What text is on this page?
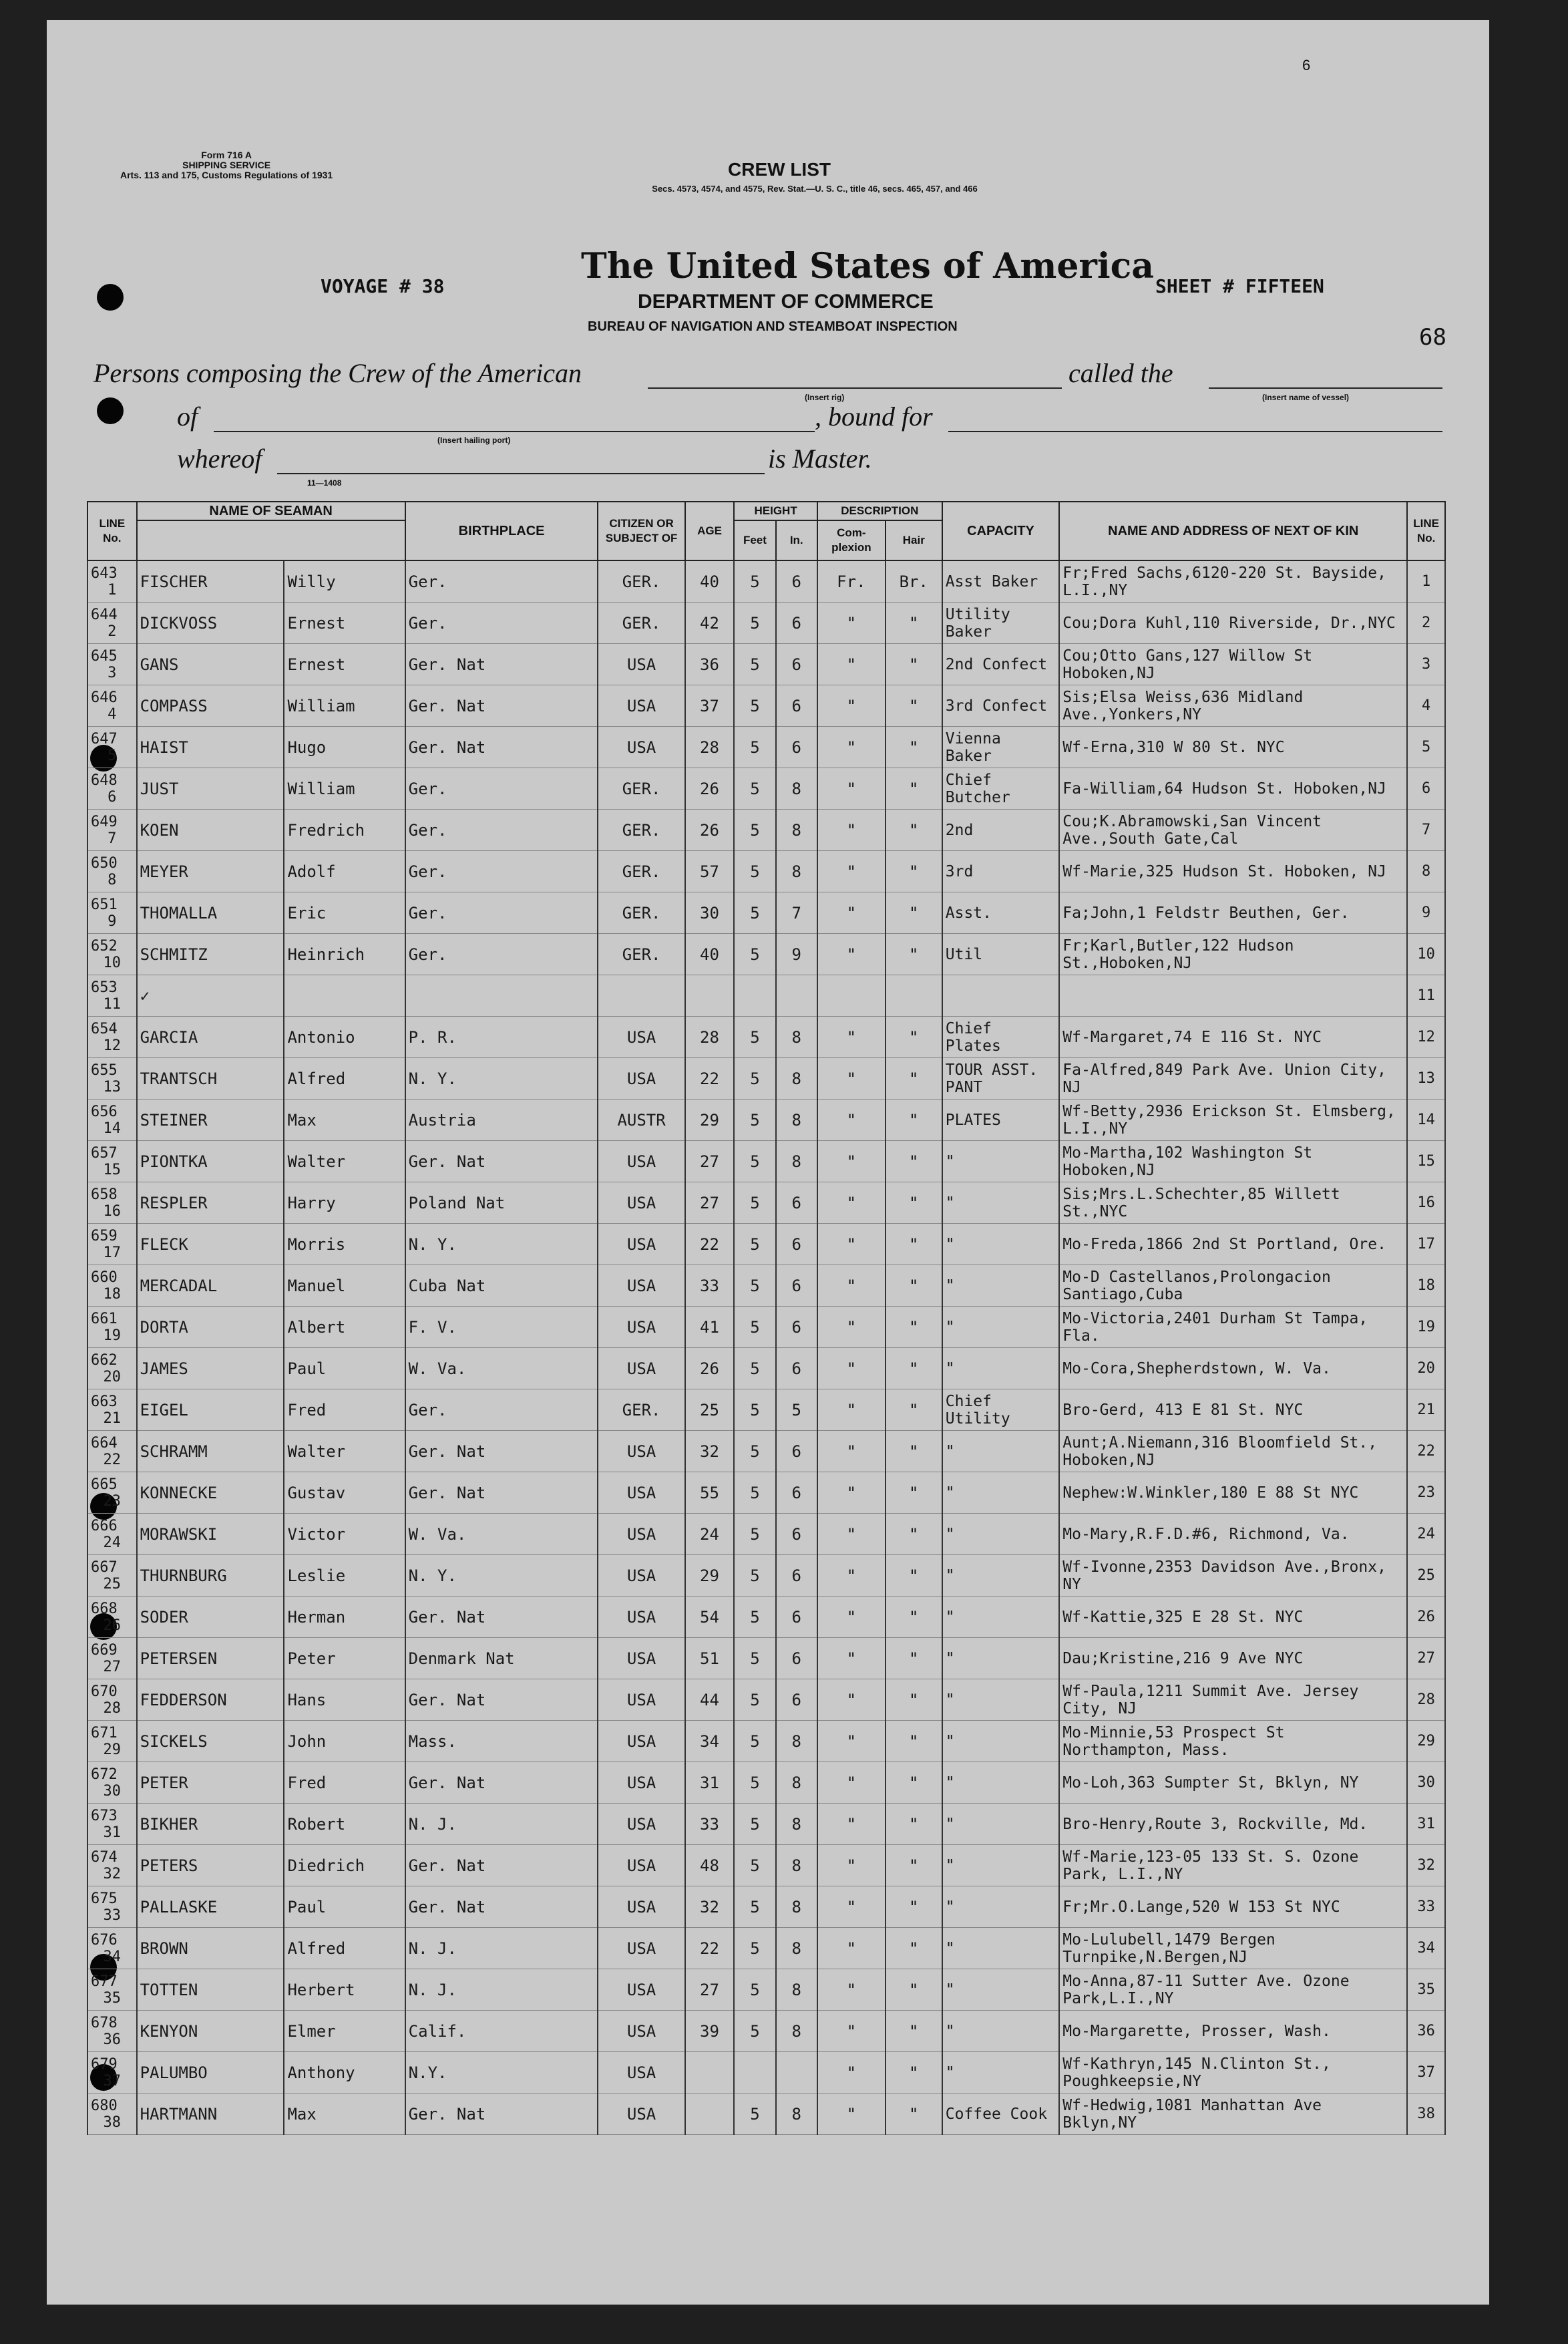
Form 716 A
SHIPPING SERVICE
Arts. 113 and 175, Customs Regulations of 1931
6
CREW LIST
Secs. 4573, 4574, and 4575, Rev. Stat.—U. S. C., title 46, secs. 465, 457, and 466
The United States of America
DEPARTMENT OF COMMERCE
BUREAU OF NAVIGATION AND STEAMBOAT INSPECTION
VOYAGE # 38	SHEET # FIFTEEN
68
Persons composing the Crew of the American
(Insert rig)
called the
(Insert name of vessel)
of
(Insert hailing port)
, bound for
whereof
11—1408
is Master.
LINE No.	NAME OF SEAMAN		BIRTHPLACE	CITIZEN OR SUBJECT OF	AGE	HEIGHT		DESCRIPTION		CAPACITY	NAME AND ADDRESS OF NEXT OF KIN	LINE No.
						Feet	In.	Com-plexion	Hair			

643
1	FISCHER	Willy	Ger.	GER.	40	5	6	Fr.	Br.	Asst Baker	Fr;Fred Sachs,6120-220 St. Bayside, L.I.,NY	1

644
2	DICKVOSS	Ernest	Ger.	GER.	42	5	6	"	"	Utility Baker	Cou;Dora Kuhl,110 Riverside, Dr.,NYC	2

645
3	GANS	Ernest	Ger. Nat	USA	36	5	6	"	"	2nd Confect	Cou;Otto Gans,127 Willow St Hoboken,NJ	3

646
4	COMPASS	William	Ger. Nat	USA	37	5	6	"	"	3rd Confect	Sis;Elsa Weiss,636 Midland Ave.,Yonkers,NY	4

647
5	HAIST	Hugo	Ger. Nat	USA	28	5	6	"	"	Vienna Baker	Wf-Erna,310 W 80 St. NYC	5

648
6	JUST	William	Ger.	GER.	26	5	8	"	"	Chief Butcher	Fa-William,64 Hudson St. Hoboken,NJ	6

649
7	KOEN	Fredrich	Ger.	GER.	26	5	8	"	"	2nd	Cou;K.Abramowski,San Vincent Ave.,South Gate,Cal	7

650
8	MEYER	Adolf	Ger.	GER.	57	5	8	"	"	3rd	Wf-Marie,325 Hudson St. Hoboken, NJ	8

651
9	THOMALLA	Eric	Ger.	GER.	30	5	7	"	"	Asst.	Fa;John,1 Feldstr Beuthen, Ger.	9

652
10	SCHMITZ	Heinrich	Ger.	GER.	40	5	9	"	"	Util	Fr;Karl,Butler,122 Hudson St.,Hoboken,NJ	10

653
11	✓											11

654
12	GARCIA	Antonio	P. R.	USA	28	5	8	"	"	Chief Plates	Wf-Margaret,74 E 116 St. NYC	12

655
13	TRANTSCH	Alfred	N. Y.	USA	22	5	8	"	"	TOUR ASST. PANT	Fa-Alfred,849 Park Ave. Union City, NJ	13

656
14	STEINER	Max	Austria	AUSTR	29	5	8	"	"	PLATES	Wf-Betty,2936 Erickson St. Elmsberg, L.I.,NY	14

657
15	PIONTKA	Walter	Ger. Nat	USA	27	5	8	"	"	"	Mo-Martha,102 Washington St Hoboken,NJ	15

658
16	RESPLER	Harry	Poland Nat	USA	27	5	6	"	"	"	Sis;Mrs.L.Schechter,85 Willett St.,NYC	16

659
17	FLECK	Morris	N. Y.	USA	22	5	6	"	"	"	Mo-Freda,1866 2nd St Portland, Ore.	17

660
18	MERCADAL	Manuel	Cuba Nat	USA	33	5	6	"	"	"	Mo-D Castellanos,Prolongacion Santiago,Cuba	18

661
19	DORTA	Albert	F. V.	USA	41	5	6	"	"	"	Mo-Victoria,2401 Durham St Tampa, Fla.	19

662
20	JAMES	Paul	W. Va.	USA	26	5	6	"	"	"	Mo-Cora,Shepherdstown, W. Va.	20

663
21	EIGEL	Fred	Ger.	GER.	25	5	5	"	"	Chief Utility	Bro-Gerd, 413 E 81 St. NYC	21

664
22	SCHRAMM	Walter	Ger. Nat	USA	32	5	6	"	"	"	Aunt;A.Niemann,316 Bloomfield St., Hoboken,NJ	22

665
23	KONNECKE	Gustav	Ger. Nat	USA	55	5	6	"	"	"	Nephew:W.Winkler,180 E 88 St NYC	23

666
24	MORAWSKI	Victor	W. Va.	USA	24	5	6	"	"	"	Mo-Mary,R.F.D.#6, Richmond, Va.	24

667
25	THURNBURG	Leslie	N. Y.	USA	29	5	6	"	"	"	Wf-Ivonne,2353 Davidson Ave.,Bronx, NY	25

668
26	SODER	Herman	Ger. Nat	USA	54	5	6	"	"	"	Wf-Kattie,325 E 28 St. NYC	26

669
27	PETERSEN	Peter	Denmark Nat	USA	51	5	6	"	"	"	Dau;Kristine,216 9 Ave NYC	27

670
28	FEDDERSON	Hans	Ger. Nat	USA	44	5	6	"	"	"	Wf-Paula,1211 Summit Ave. Jersey City, NJ	28

671
29	SICKELS	John	Mass.	USA	34	5	8	"	"	"	Mo-Minnie,53 Prospect St Northampton, Mass.	29

672
30	PETER	Fred	Ger. Nat	USA	31	5	8	"	"	"	Mo-Loh,363 Sumpter St, Bklyn, NY	30

673
31	BIKHER	Robert	N. J.	USA	33	5	8	"	"	"	Bro-Henry,Route 3, Rockville, Md.	31

674
32	PETERS	Diedrich	Ger. Nat	USA	48	5	8	"	"	"	Wf-Marie,123-05 133 St. S. Ozone Park, L.I.,NY	32

675
33	PALLASKE	Paul	Ger. Nat	USA	32	5	8	"	"	"	Fr;Mr.O.Lange,520 W 153 St NYC	33

676
34	BROWN	Alfred	N. J.	USA	22	5	8	"	"	"	Mo-Lulubell,1479 Bergen Turnpike,N.Bergen,NJ	34

677
35	TOTTEN	Herbert	N. J.	USA	27	5	8	"	"	"	Mo-Anna,87-11 Sutter Ave. Ozone Park,L.I.,NY	35

678
36	KENYON	Elmer	Calif.	USA	39	5	8	"	"	"	Mo-Margarette, Prosser, Wash.	36

679
37	PALUMBO	Anthony	N.Y.	USA				"	"	"	Wf-Kathryn,145 N.Clinton St., Poughkeepsie,NY	37

680
38	HARTMANN	Max	Ger. Nat	USA		5	8	"	"	Coffee Cook	Wf-Hedwig,1081 Manhattan Ave Bklyn,NY	38
